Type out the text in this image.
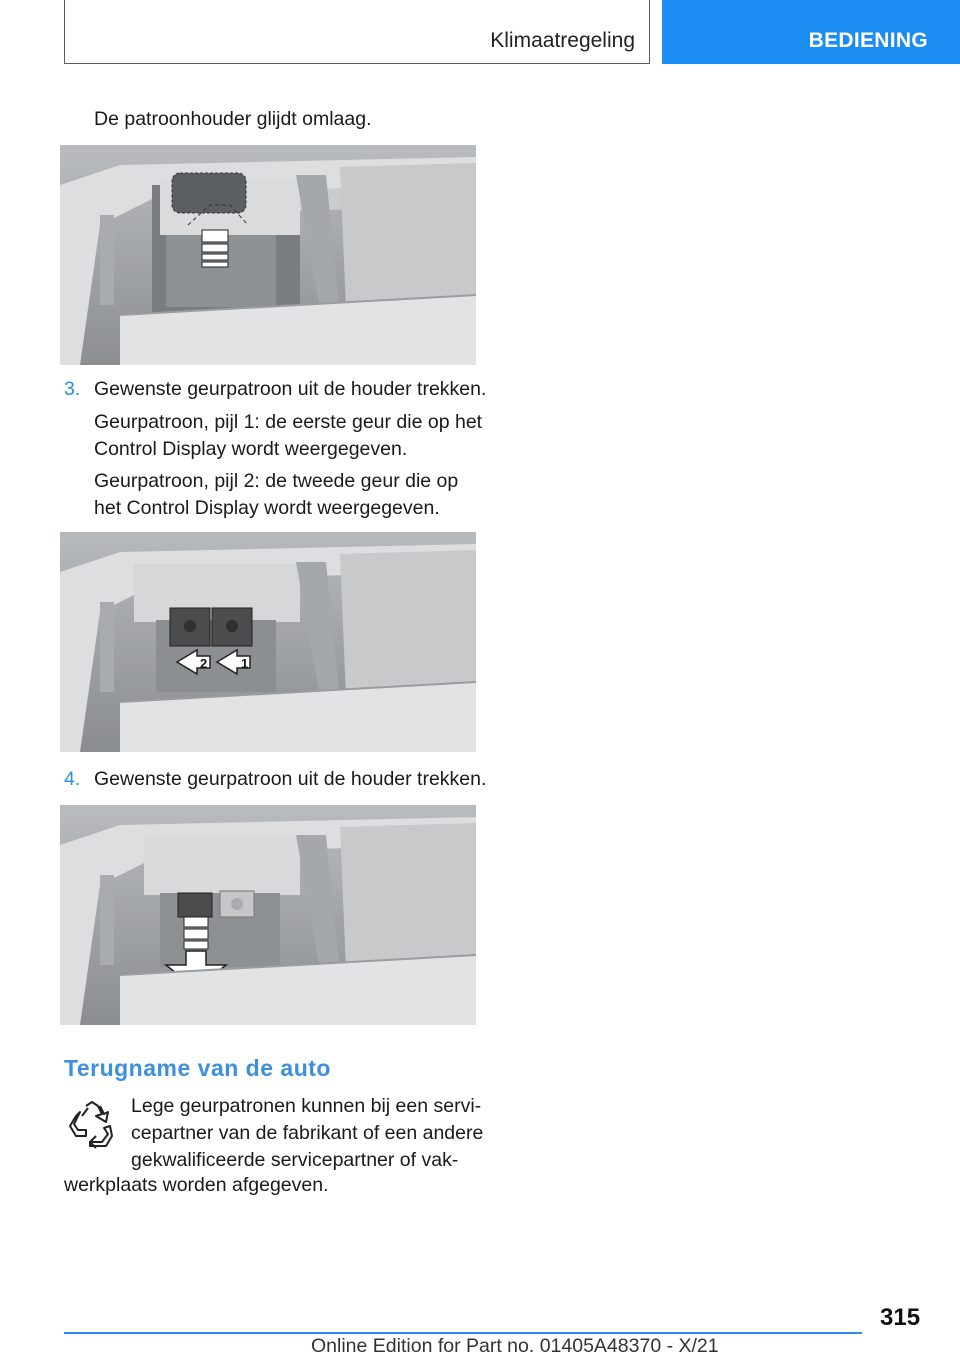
Klimaatregeling	BEDIENING
De patroonhouder glijdt omlaag.
3. Gewenste geurpatroon uit de houder trekken.
Geurpatroon, pijl 1: de eerste geur die op het
Control Display wordt weergegeven.
Geurpatroon, pijl 2: de tweede geur die op
het Control Display wordt weergegeven.
2	1
4. Gewenste geurpatroon uit de houder trekken.
Terugname van de auto
Lege geurpatronen kunnen bij een servi-
cepartner van de fabrikant of een andere
gekwalificeerde servicepartner of vak-
werkplaats worden afgegeven.
315
Online Edition for Part no. 01405A48370 - X/21
